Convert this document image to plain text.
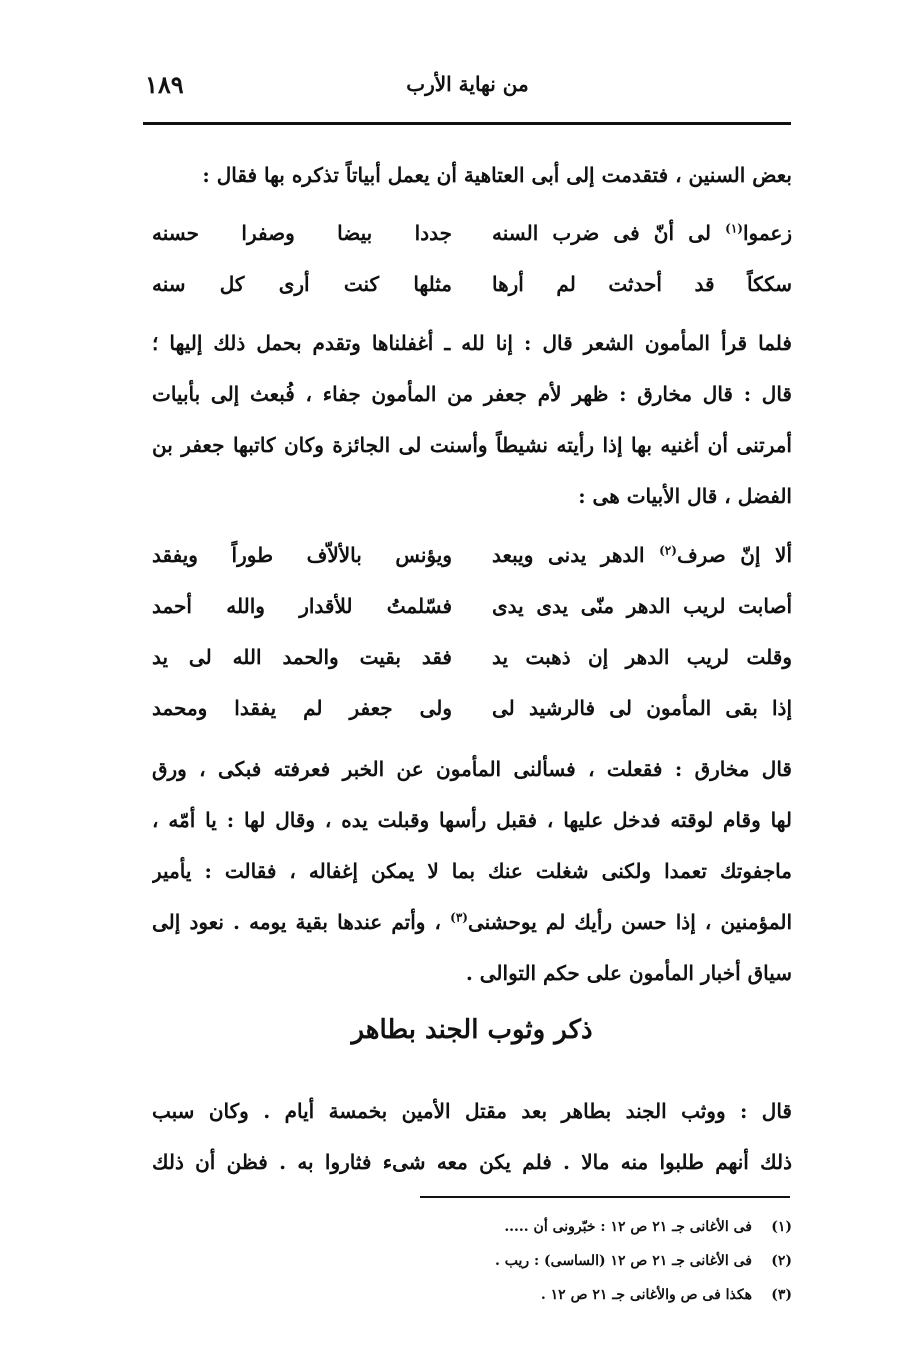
١٨٩	من نهاية الأرب
بعض السنين ، فتقدمت إلى أبى العتاهية أن يعمل أبياتاً تذكره بها فقال :
زعموا$^{(١)}$ لى أنّ فى ضرب السنه
جددا بيضا وصفرا حسنه
سككاً قد أحدثت لم أرها
مثلها كنت أرى كل سنه
فلما قرأ المأمون الشعر قال : إنا لله ـ أغفلناها وتقدم بحمل ذلك إليها ؛
قال : قال مخارق : ظهر لأم جعفر من المأمون جفاء ، فُبعث إلى بأبيات
أمرتنى أن أغنيه بها إذا رأيته نشيطاً وأسنت لى الجائزة وكان كاتبها جعفر بن
الفضل ، قال الأبيات هى :
ألا إنّ صرف$^{(٢)}$ الدهر يدنى ويبعد
ويؤنس بالألاّف طوراً ويفقد
أصابت لريب الدهر منّى يدى يدى
فسّلمتُ للأقدار والله أحمد
وقلت لريب الدهر إن ذهبت يد
فقد بقيت والحمد الله لى يد
إذا بقى المأمون لى فالرشيد لى
ولى جعفر لم يفقدا ومحمد
قال مخارق : فقعلت ، فسألنى المأمون عن الخبر فعرفته فبكى ، ورق
لها وقام لوقته فدخل عليها ، فقبل رأسها وقبلت يده ، وقال لها : يا أمّه ،
ماجفوتك تعمدا ولكنى شغلت عنك بما لا يمكن إغفاله ، فقالت : يأمير
المؤمنين ، إذا حسن رأيك لم يوحشنى$^{(٣)}$ ، وأتم عندها بقية يومه . نعود إلى
سياق أخبار المأمون على حكم التوالى .
ذكر وثوب الجند بطاهر
قال : ووثب الجند بطاهر بعد مقتل الأمين بخمسة أيام . وكان سبب
ذلك أنهم طلبوا منه مالا . فلم يكن معه شىء فثاروا به . فظن أن ذلك
(١)
فى الأغانى جـ ٢١ ص ١٢ : خبّرونى أن .....
(٢)
فى الأغانى جـ ٢١ ص ١٢ (الساسى) : ريب .
(٣)
هكذا فى ص والأغانى جـ ٢١ ص ١٢ .
